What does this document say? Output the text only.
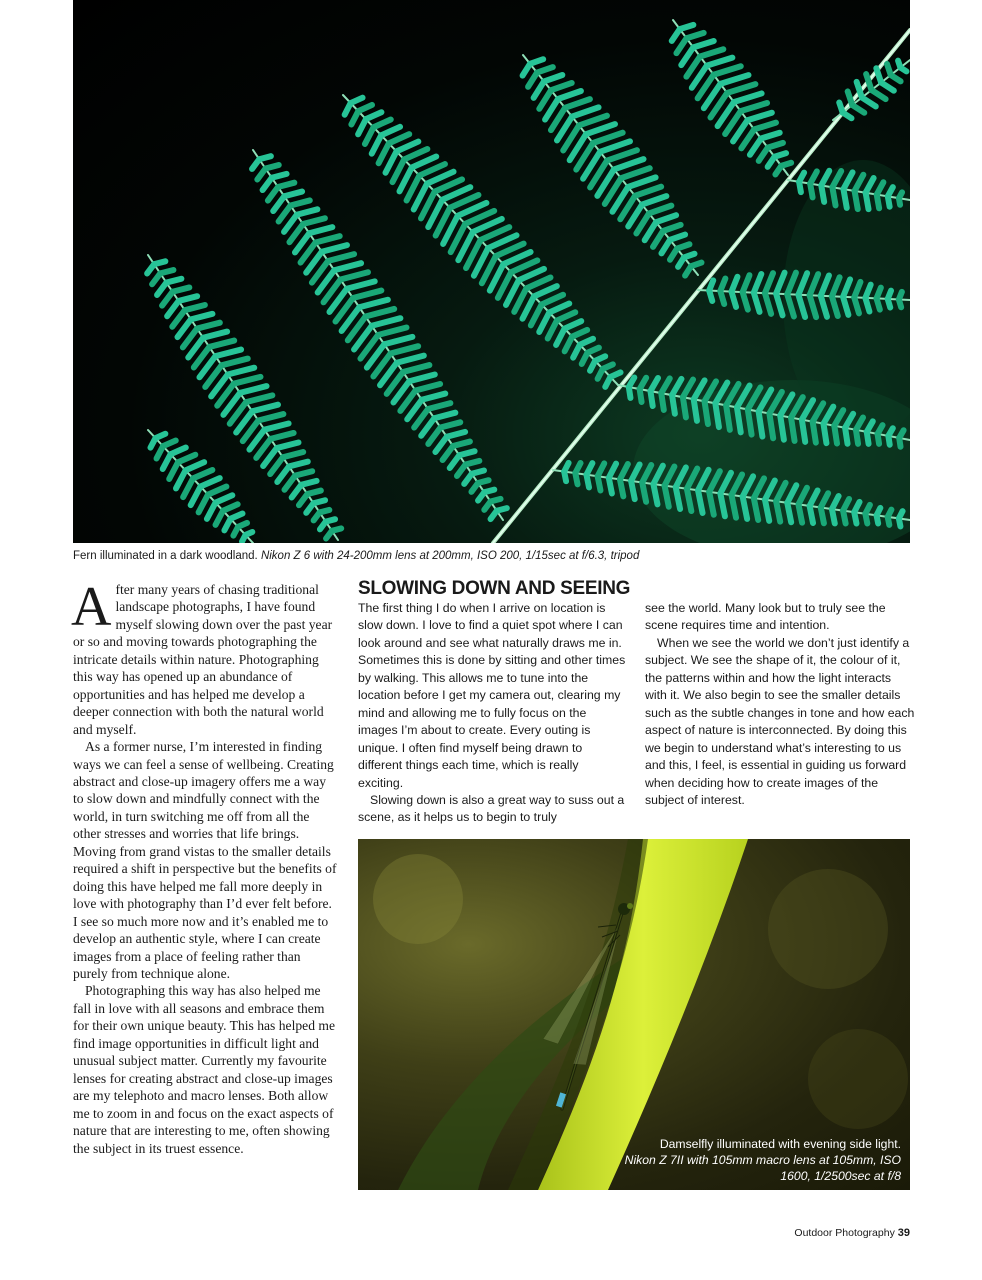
Fern illuminated in a dark woodland. Nikon Z 6 with 24-200mm lens at 200mm, ISO 200, 1/15sec at f/6.3, tripod

After many years of chasing traditional landscape photographs, I have found myself slowing down over the past year or so and moving towards photographing the intricate details within nature. Photographing this way has opened up an abundance of opportunities and has helped me develop a deeper connection with both the natural world and myself.

As a former nurse, I’m interested in finding ways we can feel a sense of wellbeing. Creating abstract and close-up imagery offers me a way to slow down and mindfully connect with the world, in turn switching me off from all the other stresses and worries that life brings. Moving from grand vistas to the smaller details required a shift in perspective but the benefits of doing this have helped me fall more deeply in love with photography than I’d ever felt before. I see so much more now and it’s enabled me to develop an authentic style, where I can create images from a place of feeling rather than purely from technique alone.

Photographing this way has also helped me fall in love with all seasons and embrace them for their own unique beauty. This has helped me find image opportunities in difficult light and unusual subject matter. Currently my favourite lenses for creating abstract and close-up images are my telephoto and macro lenses. Both allow me to zoom in and focus on the exact aspects of nature that are interesting to me, often showing the subject in its truest essence.

SLOWING DOWN AND SEEING

The first thing I do when I arrive on location is slow down. I love to find a quiet spot where I can look around and see what naturally draws me in. Sometimes this is done by sitting and other times by walking. This allows me to tune into the location before I get my camera out, clearing my mind and allowing me to fully focus on the images I’m about to create. Every outing is unique. I often find myself being drawn to different things each time, which is really exciting.

Slowing down is also a great way to suss out a scene, as it helps us to begin to truly

see the world. Many look but to truly see the scene requires time and intention.

When we see the world we don’t just identify a subject. We see the shape of it, the colour of it, the patterns within and how the light interacts with it. We also begin to see the smaller details such as the subtle changes in tone and how each aspect of nature is interconnected. By doing this we begin to understand what’s interesting to us and this, I feel, is essential in guiding us forward when deciding how to create images of the subject of interest.

Damselfly illuminated with evening side light.
Nikon Z 7II with 105mm macro lens at 105mm, ISO 1600, 1/2500sec at f/8
Outdoor Photography 39
